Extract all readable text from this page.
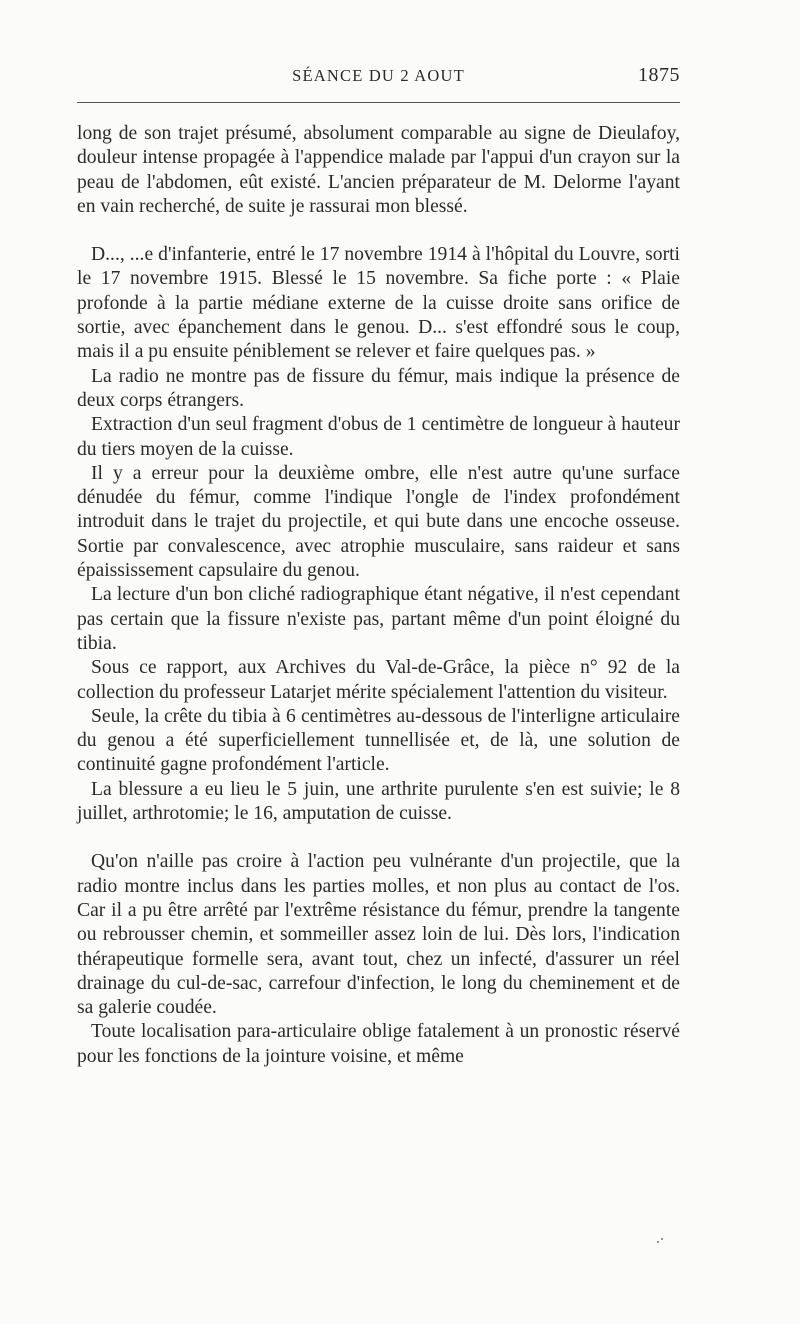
SÉANCE DU 2 AOUT	1875

long de son trajet présumé, absolument comparable au signe de Dieulafoy, douleur intense propagée à l'appendice malade par l'appui d'un crayon sur la peau de l'abdomen, eût existé. L'ancien préparateur de M. Delorme l'ayant en vain recherché, de suite je rassurai mon blessé.

D..., ...e d'infanterie, entré le 17 novembre 1914 à l'hôpital du Louvre, sorti le 17 novembre 1915. Blessé le 15 novembre. Sa fiche porte : « Plaie profonde à la partie médiane externe de la cuisse droite sans orifice de sortie, avec épanchement dans le genou. D... s'est effondré sous le coup, mais il a pu ensuite péniblement se relever et faire quelques pas. »

La radio ne montre pas de fissure du fémur, mais indique la présence de deux corps étrangers.

Extraction d'un seul fragment d'obus de 1 centimètre de longueur à hauteur du tiers moyen de la cuisse.

Il y a erreur pour la deuxième ombre, elle n'est autre qu'une surface dénudée du fémur, comme l'indique l'ongle de l'index profondément introduit dans le trajet du projectile, et qui bute dans une encoche osseuse. Sortie par convalescence, avec atrophie musculaire, sans raideur et sans épaississement capsulaire du genou.

La lecture d'un bon cliché radiographique étant négative, il n'est cependant pas certain que la fissure n'existe pas, partant même d'un point éloigné du tibia.

Sous ce rapport, aux Archives du Val-de-Grâce, la pièce n° 92 de la collection du professeur Latarjet mérite spécialement l'attention du visiteur.

Seule, la crête du tibia à 6 centimètres au-dessous de l'interligne articulaire du genou a été superficiellement tunnellisée et, de là, une solution de continuité gagne profondément l'article.

La blessure a eu lieu le 5 juin, une arthrite purulente s'en est suivie; le 8 juillet, arthrotomie; le 16, amputation de cuisse.

Qu'on n'aille pas croire à l'action peu vulnérante d'un projectile, que la radio montre inclus dans les parties molles, et non plus au contact de l'os. Car il a pu être arrêté par l'extrême résistance du fémur, prendre la tangente ou rebrousser chemin, et sommeiller assez loin de lui. Dès lors, l'indication thérapeutique formelle sera, avant tout, chez un infecté, d'assurer un réel drainage du cul-de-sac, carrefour d'infection, le long du cheminement et de sa galerie coudée.

Toute localisation para-articulaire oblige fatalement à un pronostic réservé pour les fonctions de la jointure voisine, et même
